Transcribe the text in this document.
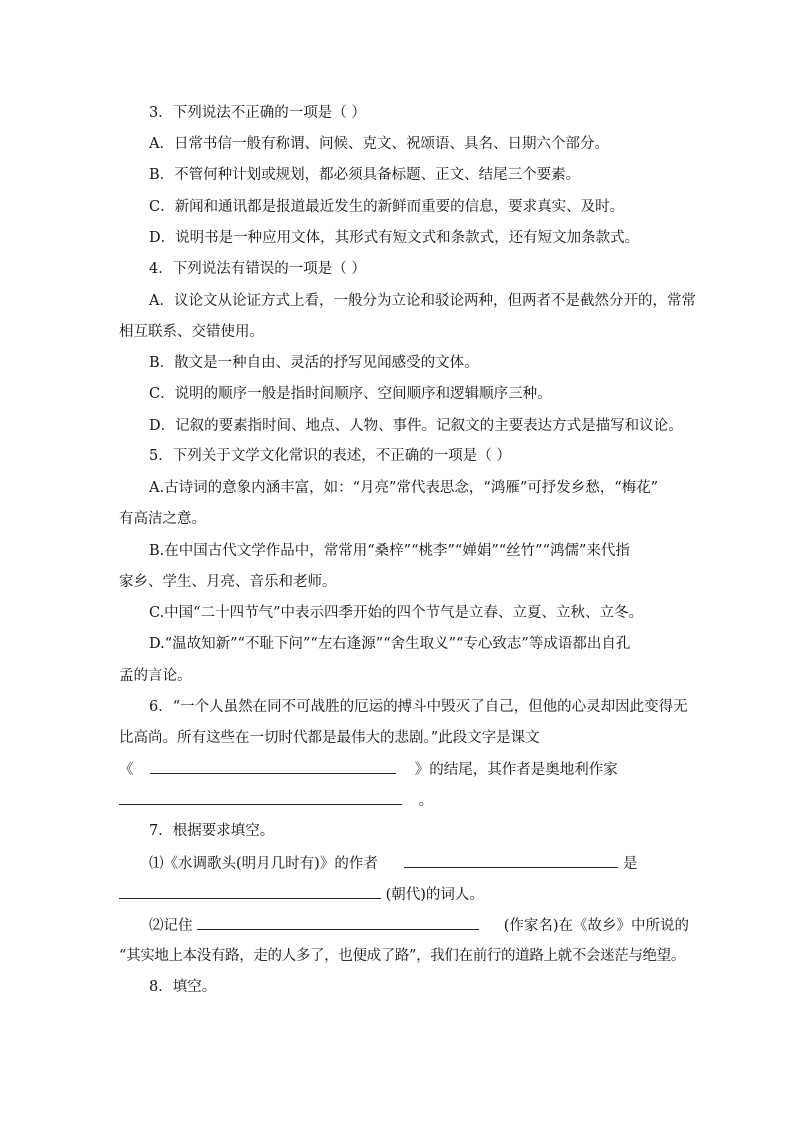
3．下列说法不正确的一项是（ ）
A．日常书信一般有称谓、问候、克文、祝颂语、具名、日期六个部分。
B．不管何种计划或规划，都必须具备标题、正文、结尾三个要素。
C．新闻和通讯都是报道最近发生的新鲜而重要的信息，要求真实、及时。
D．说明书是一种应用文体，其形式有短文式和条款式，还有短文加条款式。
4．下列说法有错误的一项是（ ）
A．议论文从论证方式上看，一般分为立论和驳论两种，但两者不是截然分开的，常常
相互联系、交错使用。
B．散文是一种自由、灵活的抒写见闻感受的文体。
C．说明的顺序一般是指时间顺序、空间顺序和逻辑顺序三种。
D．记叙的要素指时间、地点、人物、事件。记叙文的主要表达方式是描写和议论。
5．下列关于文学文化常识的表述，不正确的一项是（ ）
A.古诗词的意象内涵丰富，如：“月亮”常代表思念，“鸿雁”可抒发乡愁，“梅花”
有高洁之意。
B.在中国古代文学作品中，常常用“桑梓”“桃李”“婵娟”“丝竹”“鸿儒”来代指
家乡、学生、月亮、音乐和老师。
C.中国“二十四节气”中表示四季开始的四个节气是立春、立夏、立秋、立冬。
D.“温故知新”“不耻下问”“左右逢源”“舍生取义”“专心致志”等成语都出自孔
孟的言论。
6．“一个人虽然在同不可战胜的厄运的搏斗中毁灭了自己，但他的心灵却因此变得无
比高尚。所有这些在一切时代都是最伟大的悲剧。”此段文字是课文
《	》的结尾，其作者是奥地利作家
。
7．根据要求填空。
⑴《水调歌头(明月几时有)》的作者	是
(朝代)的词人。
⑵记住	(作家名)在《故乡》中所说的
“其实地上本没有路，走的人多了，也便成了路”，我们在前行的道路上就不会迷茫与绝望。
8．填空。
